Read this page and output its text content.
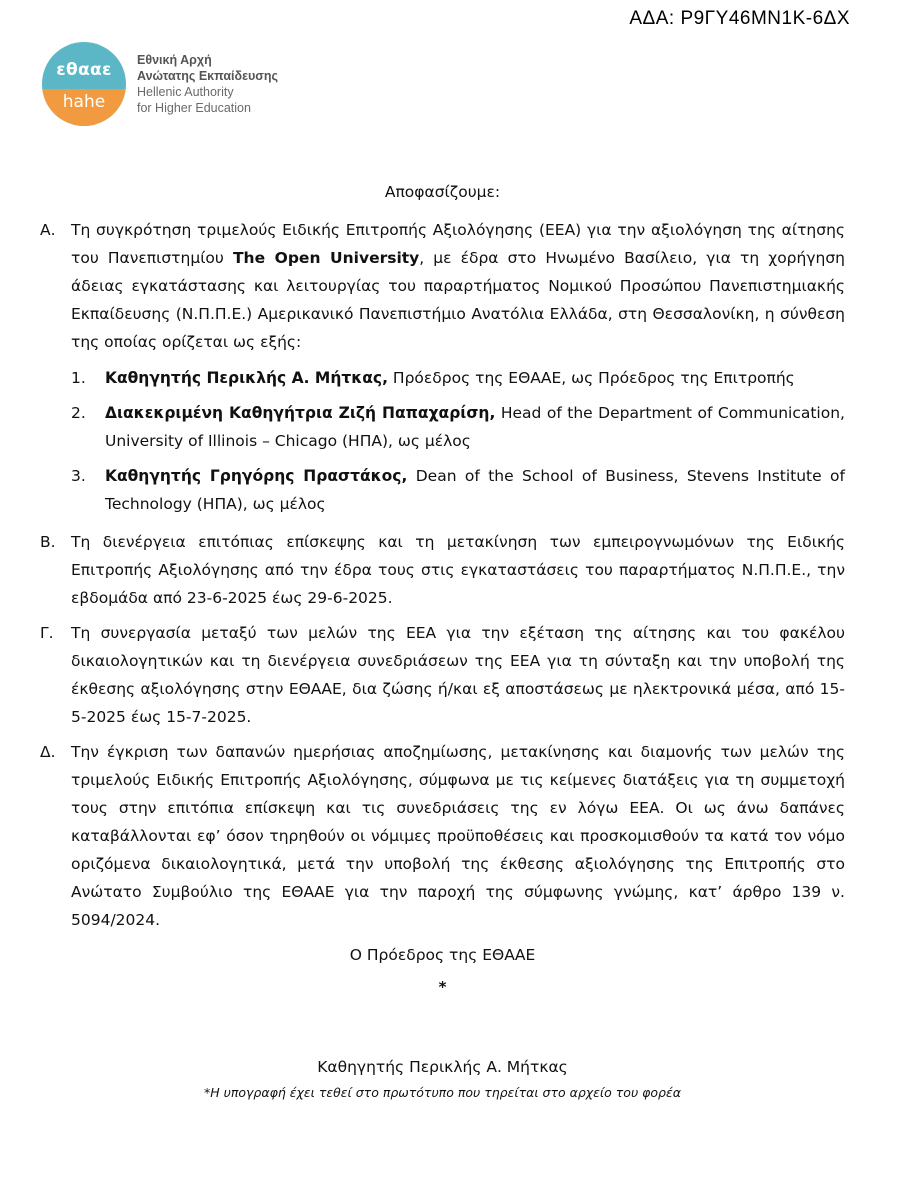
ΑΔΑ: Ρ9ΓΥ46ΜΝ1Κ-6ΔΧ
εθααε
hahe
Εθνική Αρχή
Ανώτατης Εκπαίδευσης
Hellenic Authority
for Higher Education
Αποφασίζουμε:
Α. Τη συγκρότηση τριμελούς Ειδικής Επιτροπής Αξιολόγησης (ΕΕΑ) για την αξιολόγηση της αίτησης του Πανεπιστημίου The Open University, με έδρα στο Ηνωμένο Βασίλειο, για τη χορήγηση άδειας εγκατάστασης και λειτουργίας του παραρτήματος Νομικού Προσώπου Πανεπιστημιακής Εκπαίδευσης (Ν.Π.Π.Ε.) Αμερικανικό Πανεπιστήμιο Ανατόλια Ελλάδα, στη Θεσσαλονίκη, η σύνθεση της οποίας ορίζεται ως εξής:
1.	Καθηγητής Περικλής Α. Μήτκας, Πρόεδρος της ΕΘΑΑΕ, ως Πρόεδρος της Επιτροπής
2.	Διακεκριμένη Καθηγήτρια Ζιζή Παπαχαρίση, Head of the Department of Communication, University of Illinois – Chicago (ΗΠΑ), ως μέλος
3.	Καθηγητής Γρηγόρης Πραστάκος, Dean of the School of Business, Stevens Institute of Technology (ΗΠΑ), ως μέλος
Β. Τη διενέργεια επιτόπιας επίσκεψης και τη μετακίνηση των εμπειρογνωμόνων της Ειδικής Επιτροπής Αξιολόγησης από την έδρα τους στις εγκαταστάσεις του παραρτήματος Ν.Π.Π.Ε., την εβδομάδα από 23-6-2025 έως 29-6-2025.
Γ.	Τη συνεργασία μεταξύ των μελών της ΕΕΑ για την εξέταση της αίτησης και του φακέλου δικαιολογητικών και τη διενέργεια συνεδριάσεων της ΕΕΑ για τη σύνταξη και την υποβολή της έκθεσης αξιολόγησης στην ΕΘΑΑΕ, δια ζώσης ή/και εξ αποστάσεως με ηλεκτρονικά μέσα, από 15-5-2025 έως 15-7-2025.
Δ. Την έγκριση των δαπανών ημερήσιας αποζημίωσης, μετακίνησης και διαμονής των μελών της τριμελούς Ειδικής Επιτροπής Αξιολόγησης, σύμφωνα με τις κείμενες διατάξεις για τη συμμετοχή τους στην επιτόπια επίσκεψη και τις συνεδριάσεις της εν λόγω ΕΕΑ. Οι ως άνω δαπάνες καταβάλλονται εφ’ όσον τηρηθούν οι νόμιμες προϋποθέσεις και προσκομισθούν τα κατά τον νόμο οριζόμενα δικαιολογητικά, μετά την υποβολή της έκθεσης αξιολόγησης της Επιτροπής στο Ανώτατο Συμβούλιο της ΕΘΑΑΕ για την παροχή της σύμφωνης γνώμης, κατ’ άρθρο 139 ν. 5094/2024.
Ο Πρόεδρος της ΕΘΑΑΕ
*
Καθηγητής Περικλής Α. Μήτκας
*Η υπογραφή έχει τεθεί στο πρωτότυπο που τηρείται στο αρχείο του φορέα
